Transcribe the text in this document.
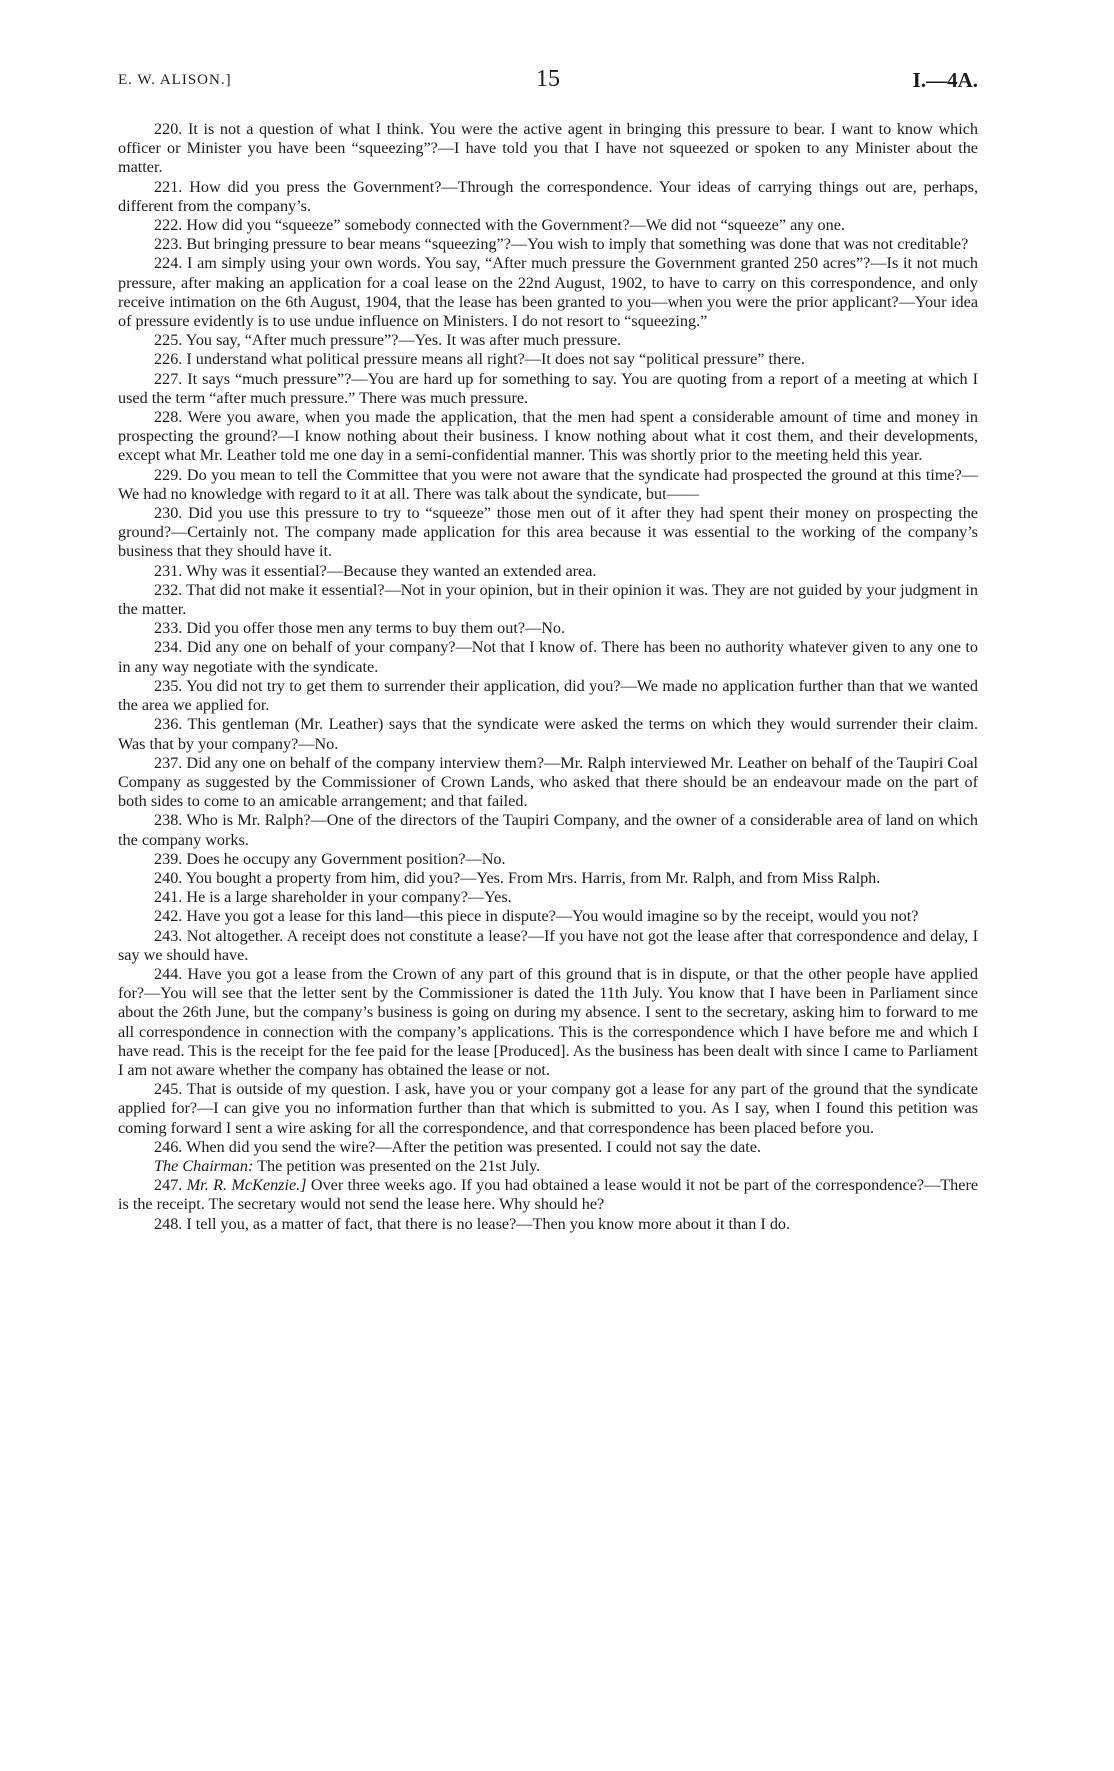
E. W. ALISON.]	15	I.—4A.

220. It is not a question of what I think. You were the active agent in bringing this pressure to bear. I want to know which officer or Minister you have been “squeezing”?—I have told you that I have not squeezed or spoken to any Minister about the matter.

221. How did you press the Government?—Through the correspondence. Your ideas of carrying things out are, perhaps, different from the company’s.

222. How did you “squeeze” somebody connected with the Government?—We did not “squeeze” any one.

223. But bringing pressure to bear means “squeezing”?—You wish to imply that something was done that was not creditable?

224. I am simply using your own words. You say, “After much pressure the Government granted 250 acres”?—Is it not much pressure, after making an application for a coal lease on the 22nd August, 1902, to have to carry on this correspondence, and only receive intimation on the 6th August, 1904, that the lease has been granted to you—when you were the prior applicant?—Your idea of pressure evidently is to use undue influence on Ministers. I do not resort to “squeezing.”

225. You say, “After much pressure”?—Yes. It was after much pressure.

226. I understand what political pressure means all right?—It does not say “political pressure” there.

227. It says “much pressure”?—You are hard up for something to say. You are quoting from a report of a meeting at which I used the term “after much pressure.” There was much pressure.

228. Were you aware, when you made the application, that the men had spent a considerable amount of time and money in prospecting the ground?—I know nothing about their business. I know nothing about what it cost them, and their developments, except what Mr. Leather told me one day in a semi-confidential manner. This was shortly prior to the meeting held this year.

229. Do you mean to tell the Committee that you were not aware that the syndicate had prospected the ground at this time?—We had no knowledge with regard to it at all. There was talk about the syndicate, but——

230. Did you use this pressure to try to “squeeze” those men out of it after they had spent their money on prospecting the ground?—Certainly not. The company made application for this area because it was essential to the working of the company’s business that they should have it.

231. Why was it essential?—Because they wanted an extended area.

232. That did not make it essential?—Not in your opinion, but in their opinion it was. They are not guided by your judgment in the matter.

233. Did you offer those men any terms to buy them out?—No.

234. Did any one on behalf of your company?—Not that I know of. There has been no authority whatever given to any one to in any way negotiate with the syndicate.

235. You did not try to get them to surrender their application, did you?—We made no application further than that we wanted the area we applied for.

236. This gentleman (Mr. Leather) says that the syndicate were asked the terms on which they would surrender their claim. Was that by your company?—No.

237. Did any one on behalf of the company interview them?—Mr. Ralph interviewed Mr. Leather on behalf of the Taupiri Coal Company as suggested by the Commissioner of Crown Lands, who asked that there should be an endeavour made on the part of both sides to come to an amicable arrangement; and that failed.

238. Who is Mr. Ralph?—One of the directors of the Taupiri Company, and the owner of a considerable area of land on which the company works.

239. Does he occupy any Government position?—No.

240. You bought a property from him, did you?—Yes. From Mrs. Harris, from Mr. Ralph, and from Miss Ralph.

241. He is a large shareholder in your company?—Yes.

242. Have you got a lease for this land—this piece in dispute?—You would imagine so by the receipt, would you not?

243. Not altogether. A receipt does not constitute a lease?—If you have not got the lease after that correspondence and delay, I say we should have.

244. Have you got a lease from the Crown of any part of this ground that is in dispute, or that the other people have applied for?—You will see that the letter sent by the Commissioner is dated the 11th July. You know that I have been in Parliament since about the 26th June, but the company’s business is going on during my absence. I sent to the secretary, asking him to forward to me all correspondence in connection with the company’s applications. This is the correspondence which I have before me and which I have read. This is the receipt for the fee paid for the lease [Produced]. As the business has been dealt with since I came to Parliament I am not aware whether the company has obtained the lease or not.

245. That is outside of my question. I ask, have you or your company got a lease for any part of the ground that the syndicate applied for?—I can give you no information further than that which is submitted to you. As I say, when I found this petition was coming forward I sent a wire asking for all the correspondence, and that correspondence has been placed before you.

246. When did you send the wire?—After the petition was presented. I could not say the date.

The Chairman: The petition was presented on the 21st July.

247. Mr. R. McKenzie.] Over three weeks ago. If you had obtained a lease would it not be part of the correspondence?—There is the receipt. The secretary would not send the lease here. Why should he?

248. I tell you, as a matter of fact, that there is no lease?—Then you know more about it than I do.
